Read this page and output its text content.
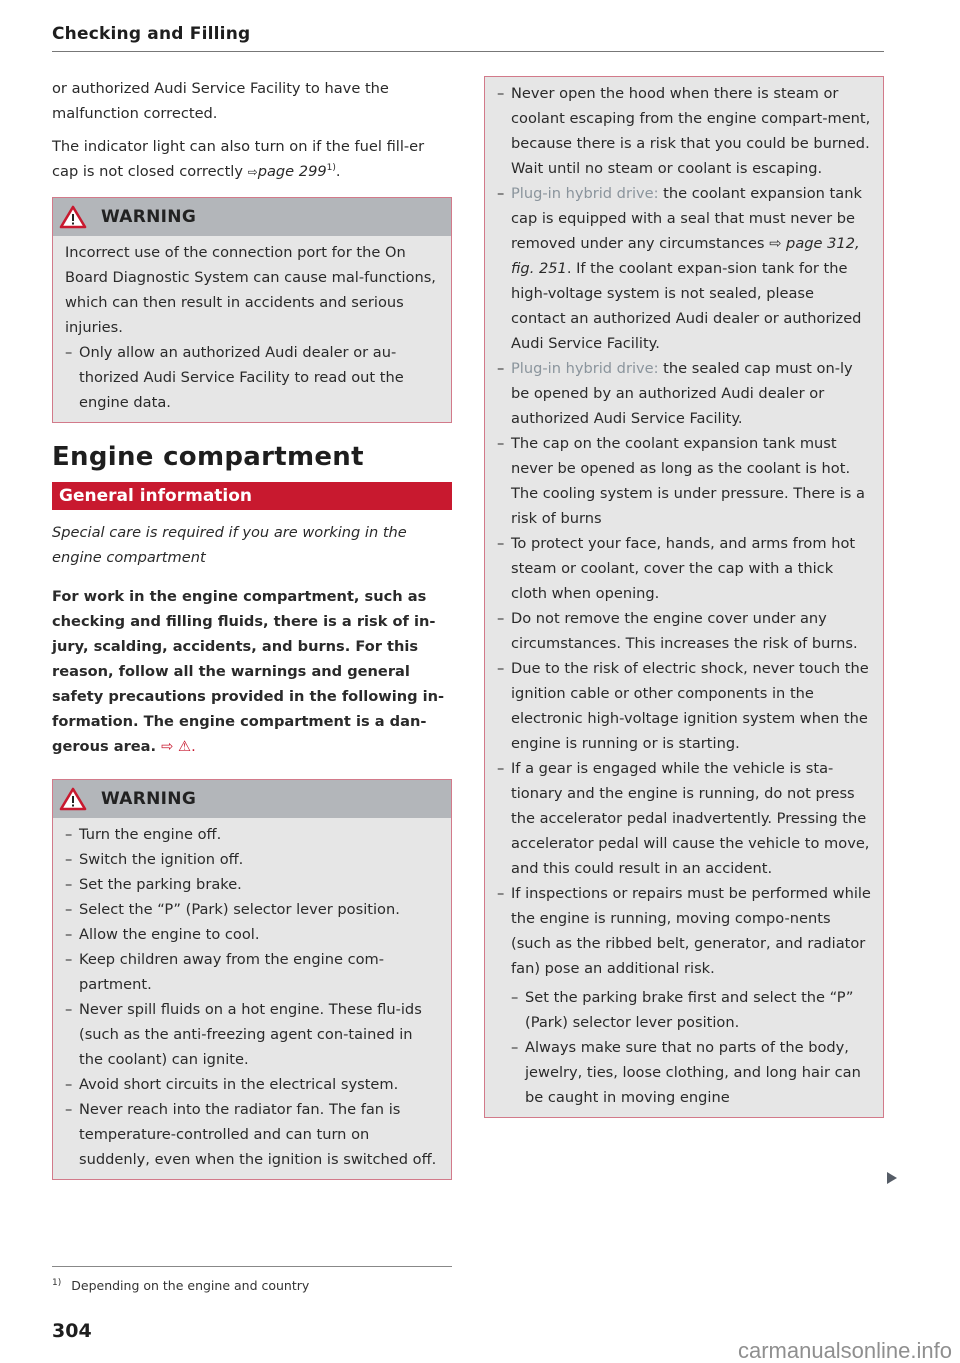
Checking and Filling

or authorized Audi Service Facility to have the malfunction corrected.

The indicator light can also turn on if the fuel fill-er cap is not closed correctly ⇨page 299$^{1)}$.

WARNING

Incorrect use of the connection port for the On Board Diagnostic System can cause mal-functions, which can then result in accidents and serious injuries.

– Only allow an authorized Audi dealer or au-thorized Audi Service Facility to read out the engine data.
Engine compartment
General information

Special care is required if you are working in the engine compartment

For work in the engine compartment, such as checking and filling fluids, there is a risk of in-jury, scalding, accidents, and burns. For this reason, follow all the warnings and general safety precautions provided in the following in-formation. The engine compartment is a dan-gerous area. ⇨ ⚠.

WARNING
– Turn the engine off.
– Switch the ignition off.
– Set the parking brake.
– Select the “P” (Park) selector lever position.
– Allow the engine to cool.
– Keep children away from the engine com-partment.
– Never spill fluids on a hot engine. These flu-ids (such as the anti-freezing agent con-tained in the coolant) can ignite.
– Avoid short circuits in the electrical system.
– Never reach into the radiator fan. The fan is temperature-controlled and can turn on suddenly, even when the ignition is switched off.
– Never open the hood when there is steam or coolant escaping from the engine compart-ment, because there is a risk that you could be burned. Wait until no steam or coolant is escaping.
– Plug-in hybrid drive: the coolant expansion tank cap is equipped with a seal that must never be removed under any circumstances ⇨ page 312, fig. 251. If the coolant expan-sion tank for the high-voltage system is not sealed, please contact an authorized Audi dealer or authorized Audi Service Facility.
– Plug-in hybrid drive: the sealed cap must on-ly be opened by an authorized Audi dealer or authorized Audi Service Facility.
– The cap on the coolant expansion tank must never be opened as long as the coolant is hot. The cooling system is under pressure. There is a risk of burns
– To protect your face, hands, and arms from hot steam or coolant, cover the cap with a thick cloth when opening.
– Do not remove the engine cover under any circumstances. This increases the risk of burns.
– Due to the risk of electric shock, never touch the ignition cable or other components in the electronic high-voltage ignition system when the engine is running or is starting.
– If a gear is engaged while the vehicle is sta-tionary and the engine is running, do not press the accelerator pedal inadvertently. Pressing the accelerator pedal will cause the vehicle to move, and this could result in an accident.
– If inspections or repairs must be performed while the engine is running, moving compo-nents (such as the ribbed belt, generator, and radiator fan) pose an additional risk.
– Set the parking brake first and select the “P” (Park) selector lever position.
– Always make sure that no parts of the body, jewelry, ties, loose clothing, and long hair can be caught in moving engine
$^{1)}$ Depending on the engine and country
304
carmanualsonline.info
